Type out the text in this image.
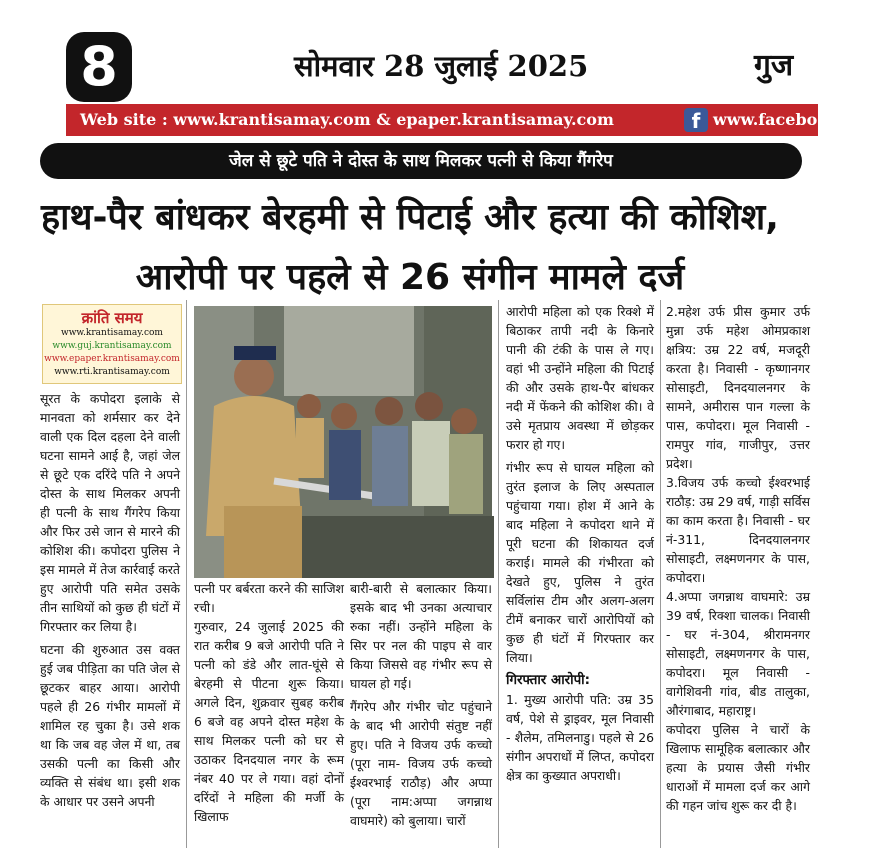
8	सोमवार 28 जुलाई 2025	गुज
Web site : www.krantisamay.com & epaper.krantisamay.com	f www.facebook.com/
जेल से छूटे पति ने दोस्त के साथ मिलकर पत्नी से किया गैंगरेप
हाथ-पैर बांधकर बेरहमी से पिटाई और हत्या की कोशिश,
आरोपी पर पहले से 26 संगीन मामले दर्ज
क्रांति समय
www.krantisamay.com
www.guj.krantisamay.com
www.epaper.krantisamay.com
www.rti.krantisamay.com

सूरत के कपोदरा इलाके से मानवता को शर्मसार कर देने वाली एक दिल दहला देने वाली घटना सामने आई है, जहां जेल से छूटे एक दरिंदे पति ने अपने दोस्त के साथ मिलकर अपनी ही पत्नी के साथ गैंगरेप किया और फिर उसे जान से मारने की कोशिश की। कपोदरा पुलिस ने इस मामले में तेज कार्रवाई करते हुए आरोपी पति समेत उसके तीन साथियों को कुछ ही घंटों में गिरफ्तार कर लिया है।

घटना की शुरुआत उस वक्त हुई जब पीड़िता का पति जेल से छूटकर बाहर आया। आरोपी पहले ही 26 गंभीर मामलों में शामिल रह चुका है। उसे शक था कि जब वह जेल में था, तब उसकी पत्नी का किसी और व्यक्ति से संबंध था। इसी शक के आधार पर उसने अपनी

पत्नी पर बर्बरता करने की साजिश रची।

गुरुवार, 24 जुलाई 2025 की रात करीब 9 बजे आरोपी पति ने पत्नी को डंडे और लात-घूंसे से बेरहमी से पीटना शुरू किया। अगले दिन, शुक्रवार सुबह करीब 6 बजे वह अपने दोस्त महेश के साथ मिलकर पत्नी को घर से उठाकर दिनदयाल नगर के रूम नंबर 40 पर ले गया। वहां दोनों दरिंदों ने महिला की मर्जी के खिलाफ

बारी-बारी से बलात्कार किया। इसके बाद भी उनका अत्याचार रुका नहीं। उन्होंने महिला के सिर पर नल की पाइप से वार किया जिससे वह गंभीर रूप से घायल हो गई।

गैंगरेप और गंभीर चोट पहुंचाने के बाद भी आरोपी संतुष्ट नहीं हुए। पति ने विजय उर्फ कच्चो (पूरा नाम- विजय उर्फ कच्चो ईश्वरभाई राठौड़) और अप्पा (पूरा नाम:अप्पा जगन्नाथ वाघमारे) को बुलाया। चारों

आरोपी महिला को एक रिक्शे में बिठाकर तापी नदी के किनारे पानी की टंकी के पास ले गए। वहां भी उन्होंने महिला की पिटाई की और उसके हाथ-पैर बांधकर नदी में फेंकने की कोशिश की। वे उसे मृतप्राय अवस्था में छोड़कर फरार हो गए।

गंभीर रूप से घायल महिला को तुरंत इलाज के लिए अस्पताल पहुंचाया गया। होश में आने के बाद महिला ने कपोदरा थाने में पूरी घटना की शिकायत दर्ज कराई। मामले की गंभीरता को देखते हुए, पुलिस ने तुरंत सर्विलांस टीम और अलग-अलग टीमें बनाकर चारों आरोपियों को कुछ ही घंटों में गिरफ्तार कर लिया।

गिरफ्तार आरोपी:

1. मुख्य आरोपी पति: उम्र 35 वर्ष, पेशे से ड्राइवर, मूल निवासी - शैलेम, तमिलनाडु। पहले से 26 संगीन अपराधों में लिप्त, कपोदरा क्षेत्र का कुख्यात अपराधी।

2.महेश उर्फ प्रीस कुमार उर्फ मुन्ना उर्फ महेश ओमप्रकाश क्षत्रिय: उम्र 22 वर्ष, मजदूरी करता है। निवासी - कृष्णानगर सोसाइटी, दिनदयालनगर के सामने, अमीरास पान गल्ला के पास, कपोदरा। मूल निवासी - रामपुर गांव, गाजीपुर, उत्तर प्रदेश।

3.विजय उर्फ कच्चो ईश्वरभाई राठौड़: उम्र 29 वर्ष, गाड़ी सर्विस का काम करता है। निवासी - घर नं-311, दिनदयालनगर सोसाइटी, लक्ष्मणनगर के पास, कपोदरा।

4.अप्पा जगन्नाथ वाघमारे: उम्र 39 वर्ष, रिक्शा चालक। निवासी - घर नं-304, श्रीरामनगर सोसाइटी, लक्ष्मणनगर के पास, कपोदरा। मूल निवासी - वागेशिवनी गांव, बीड तालुका, औरंगाबाद, महाराष्ट्र।

कपोदरा पुलिस ने चारों के खिलाफ सामूहिक बलात्कार और हत्या के प्रयास जैसी गंभीर धाराओं में मामला दर्ज कर आगे की गहन जांच शुरू कर दी है।
